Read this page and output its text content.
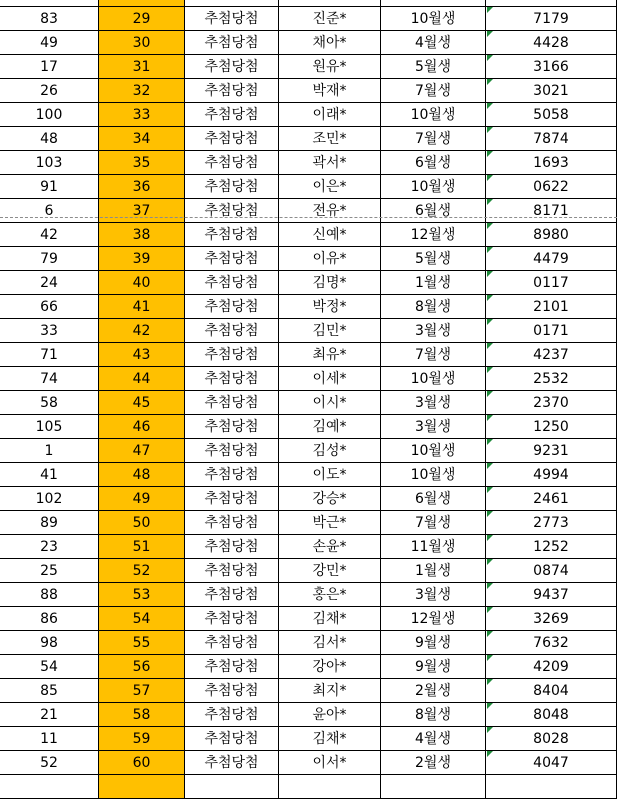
83	29	추첨당첨	진준*	10월생	7179
49	30	추첨당첨	채아*	4월생	4428
17	31	추첨당첨	원유*	5월생	3166
26	32	추첨당첨	박재*	7월생	3021
100	33	추첨당첨	이래*	10월생	5058
48	34	추첨당첨	조민*	7월생	7874
103	35	추첨당첨	곽서*	6월생	1693
91	36	추첨당첨	이은*	10월생	0622
6	37	추첨당첨	전유*	6월생	8171
42	38	추첨당첨	신예*	12월생	8980
79	39	추첨당첨	이유*	5월생	4479
24	40	추첨당첨	김명*	1월생	0117
66	41	추첨당첨	박정*	8월생	2101
33	42	추첨당첨	김민*	3월생	0171
71	43	추첨당첨	최유*	7월생	4237
74	44	추첨당첨	이세*	10월생	2532
58	45	추첨당첨	이시*	3월생	2370
105	46	추첨당첨	김예*	3월생	1250
1	47	추첨당첨	김성*	10월생	9231
41	48	추첨당첨	이도*	10월생	4994
102	49	추첨당첨	강승*	6월생	2461
89	50	추첨당첨	박근*	7월생	2773
23	51	추첨당첨	손윤*	11월생	1252
25	52	추첨당첨	강민*	1월생	0874
88	53	추첨당첨	홍은*	3월생	9437
86	54	추첨당첨	김채*	12월생	3269
98	55	추첨당첨	김서*	9월생	7632
54	56	추첨당첨	강아*	9월생	4209
85	57	추첨당첨	최지*	2월생	8404
21	58	추첨당첨	윤아*	8월생	8048
11	59	추첨당첨	김채*	4월생	8028
52	60	추첨당첨	이서*	2월생	4047
